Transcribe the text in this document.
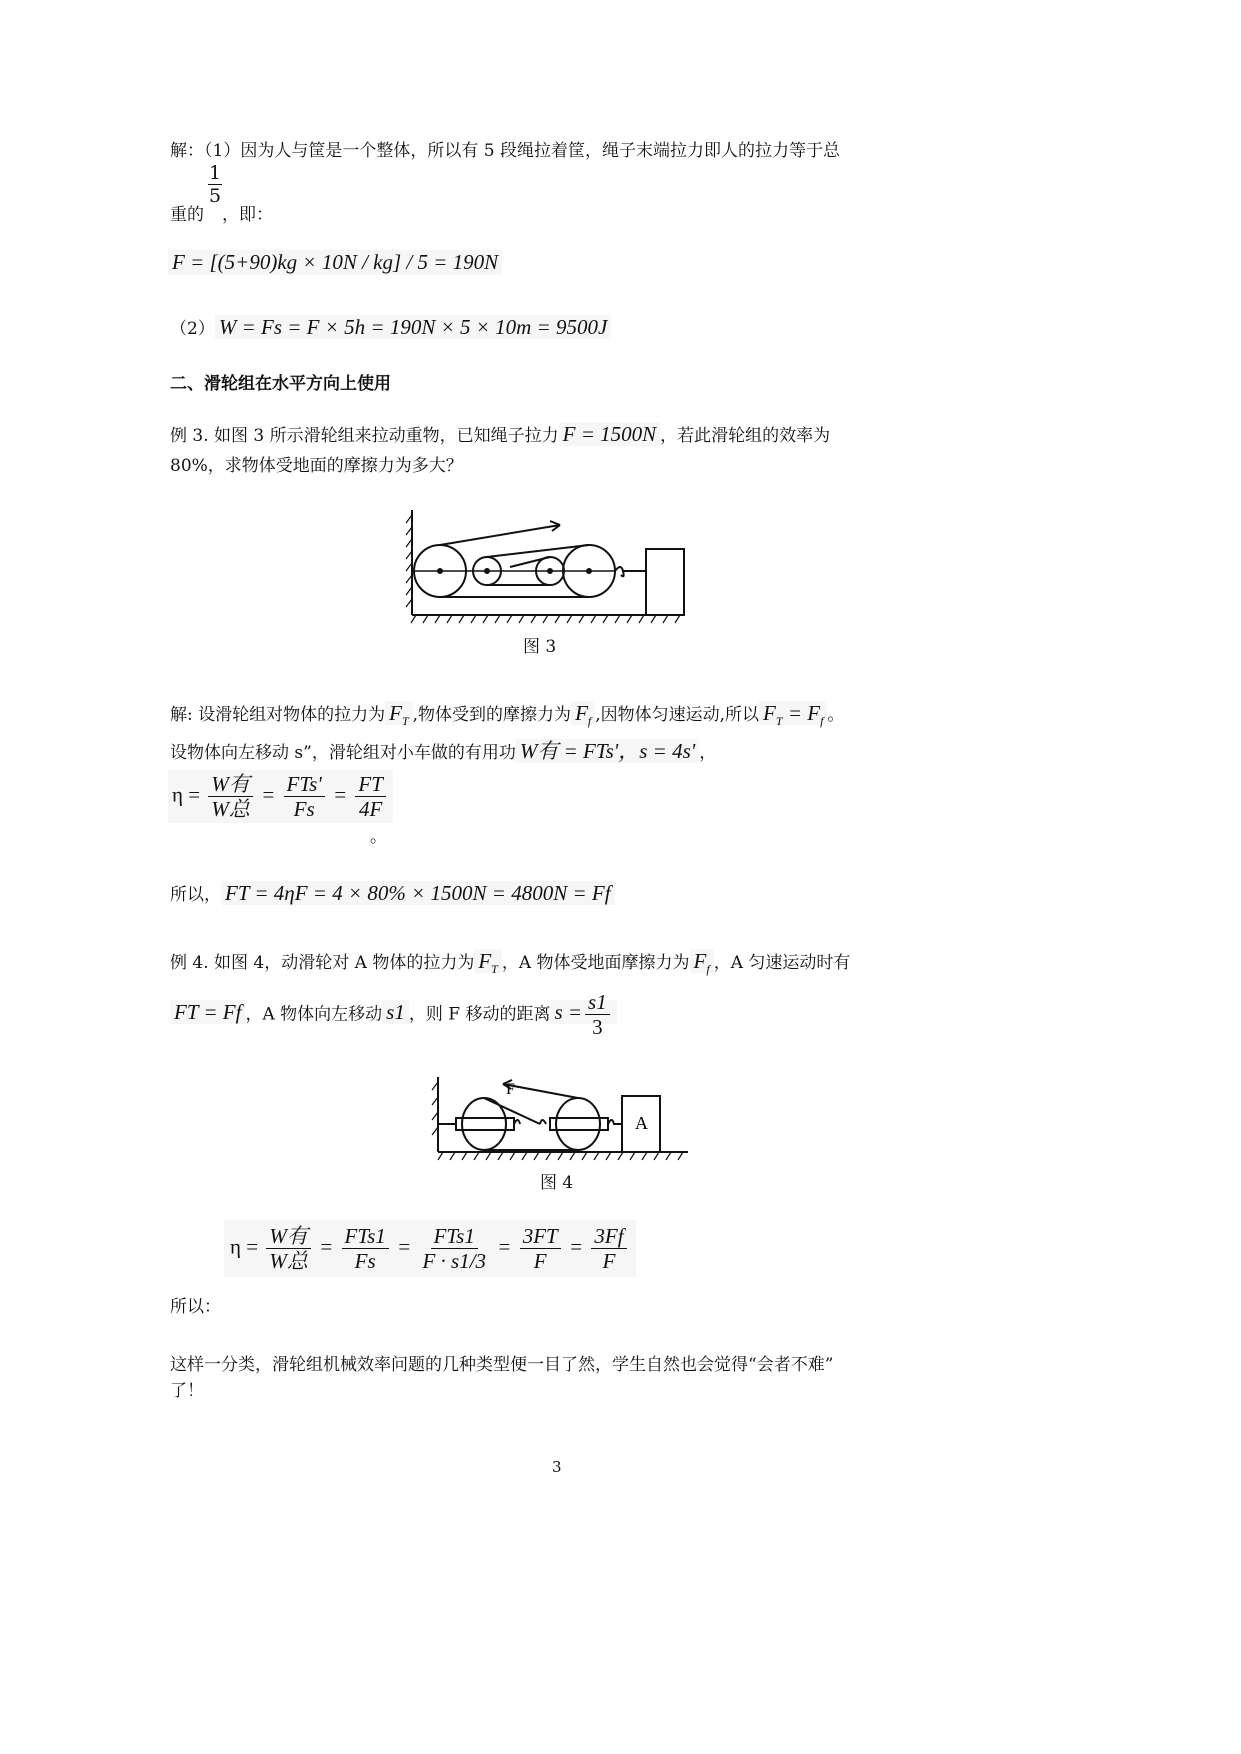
解：（1）因为人与筐是一个整体，所以有 5 段绳拉着筐，绳子末端拉力即人的拉力等于总
$\frac{1}{5}$
重的 ，即：
F = [(5+90)kg × 10N / kg] / 5 = 190N
（2） W = Fs = F × 5h = 190N × 5 × 10m = 9500J
二、滑轮组在水平方向上使用
例 3. 如图 3 所示滑轮组来拉动重物，已知绳子拉力 F = 1500N ，若此滑轮组的效率为
80%，求物体受地面的摩擦力为多大？
图 3
解: 设滑轮组对物体的拉力为 $F_T$ ,物体受到的摩擦力为 $F_f$ ,因物体匀速运动,所以 $F_T = F_f$ 。
设物体向左移动 s”，滑轮组对小车做的有用功 W有 = FTs'，s = 4s' ，
$\eta = \frac{\text{W有}}{\text{W总}} = \frac{\text{FTs'}}{Fs} = \frac{FT}{4F}$
。
所以， FT = 4ηF = 4 × 80% × 1500N = 4800N = Ff
例 4. 如图 4，动滑轮对 A 物体的拉力为 $F_T$ ，A 物体受地面摩擦力为 $F_f$ ，A 匀速运动时有
FT = Ff ，A 物体向左移动 s1 ，则 F 移动的距离 $s = \frac{s1}{3}$
F
A
图 4
所以：
$\eta = \frac{\text{W有}}{\text{W总}} = \frac{\text{FTs1}}{Fs} = \frac{\text{FTs1}}{F \cdot s1/3} = \frac{3FT}{F} = \frac{3Ff}{F}$
这样一分类，滑轮组机械效率问题的几种类型便一目了然，学生自然也会觉得“会者不难”
了！
3
